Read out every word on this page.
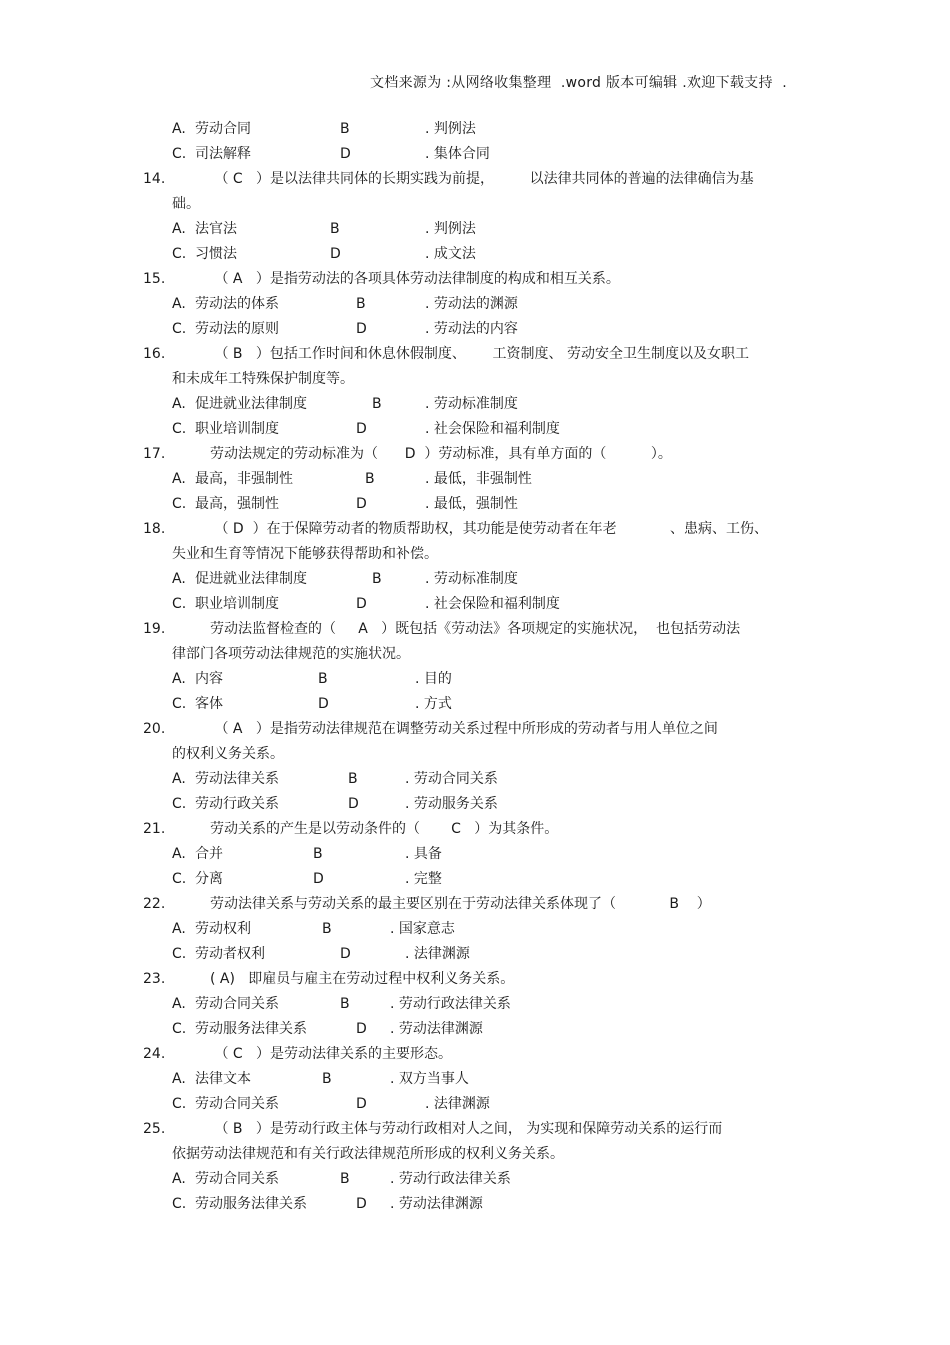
文档来源为 :从网络收集整理  .word 版本可编辑 .欢迎下载支持  .
A. 劳动合同	B	. 判例法
C. 司法解释	D	. 集体合同
14.	（ C   ）是以法律共同体的长期实践为前提，        以法律共同体的普遍的法律确信为基
础。
A. 法官法	B	. 判例法
C. 习惯法	D	. 成文法
15.	（ A   ）是指劳动法的各项具体劳动法律制度的构成和相互关系。
A. 劳动法的体系	B	. 劳动法的渊源
C. 劳动法的原则	D	. 劳动法的内容
16.	（ B   ）包括工作时间和休息休假制度、      工资制度、 劳动安全卫生制度以及女职工
和未成年工特殊保护制度等。
A. 促进就业法律制度	B	. 劳动标准制度
C. 职业培训制度	D	. 社会保险和福利制度
17.	劳动法规定的劳动标准为（      D  ）劳动标准，具有单方面的（          ）。
A. 最高，非强制性	B	. 最低，非强制性
C. 最高，强制性	D	. 最低，强制性
18.	（ D  ）在于保障劳动者的物质帮助权，其功能是使劳动者在年老            、患病、工伤、
失业和生育等情况下能够获得帮助和补偿。
A. 促进就业法律制度	B	. 劳动标准制度
C. 职业培训制度	D	. 社会保险和福利制度
19.	劳动法监督检查的（     A   ）既包括《劳动法》各项规定的实施状况，  也包括劳动法
律部门各项劳动法律规范的实施状况。
A. 内容	B	. 目的
C. 客体	D	. 方式
20.	（ A   ）是指劳动法律规范在调整劳动关系过程中所形成的劳动者与用人单位之间
的权利义务关系。
A. 劳动法律关系	B	. 劳动合同关系
C. 劳动行政关系	D	. 劳动服务关系
21.	劳动关系的产生是以劳动条件的（       C   ）为其条件。
A. 合并	B	. 具备
C. 分离	D	. 完整
22.	劳动法律关系与劳动关系的最主要区别在于劳动法律关系体现了（            B    ）
A. 劳动权利	B	. 国家意志
C. 劳动者权利	D	. 法律渊源
23.	( A)   即雇员与雇主在劳动过程中权利义务关系。
A. 劳动合同关系	B	. 劳动行政法律关系
C. 劳动服务法律关系	D . 劳动法律渊源
24.	（ C   ）是劳动法律关系的主要形态。
A. 法律文本	B	. 双方当事人
C. 劳动合同关系	D	. 法律渊源
25.	（ B   ）是劳动行政主体与劳动行政相对人之间， 为实现和保障劳动关系的运行而
依据劳动法律规范和有关行政法律规范所形成的权利义务关系。
A. 劳动合同关系	B	. 劳动行政法律关系
C. 劳动服务法律关系	D . 劳动法律渊源
